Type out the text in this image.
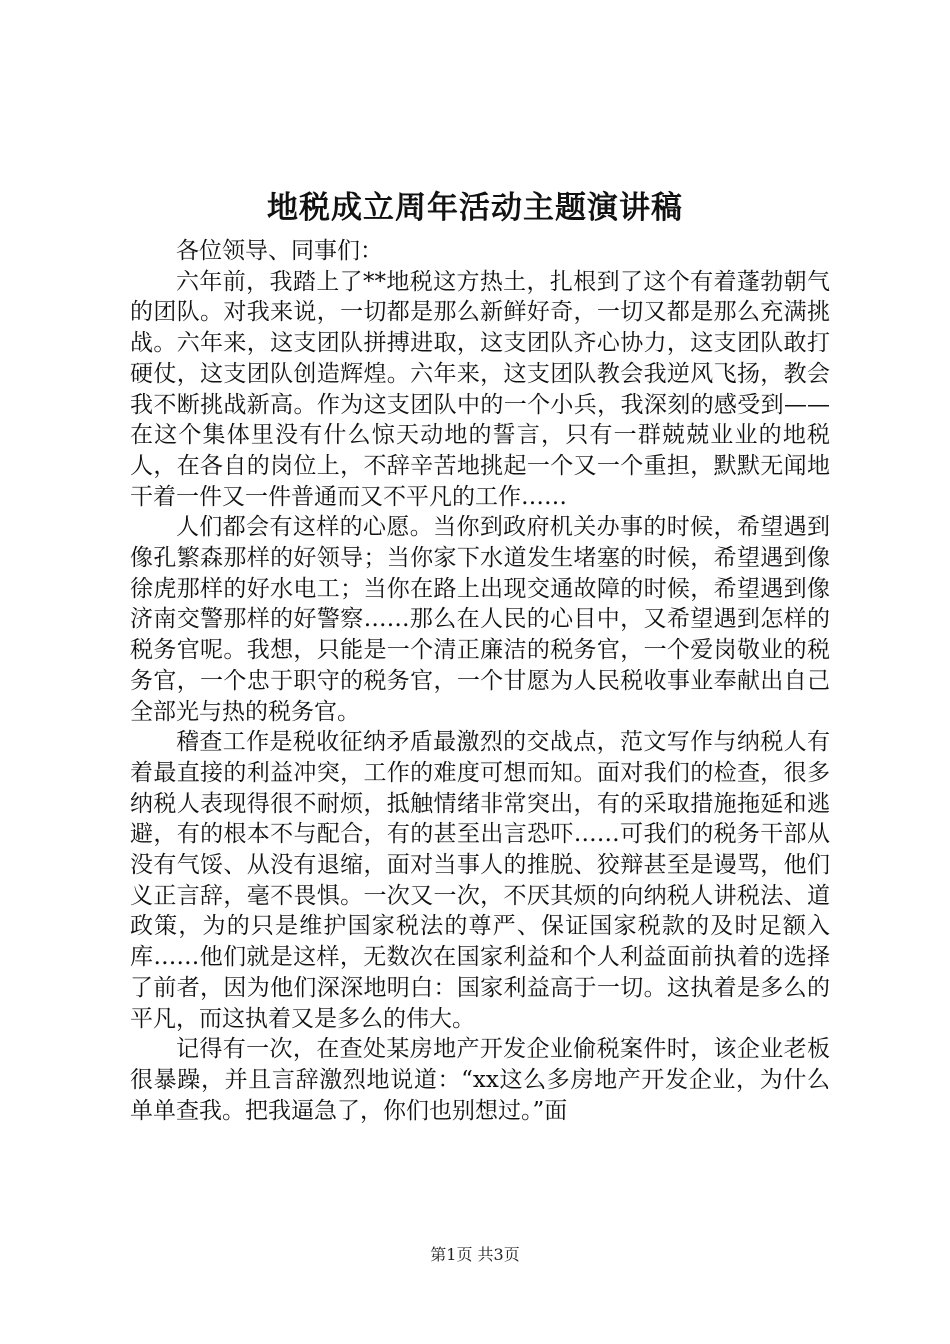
地税成立周年活动主题演讲稿

各位领导、同事们：

六年前，我踏上了**地税这方热土，扎根到了这个有着蓬勃朝气的团队。对我来说，一切都是那么新鲜好奇，一切又都是那么充满挑战。六年来，这支团队拼搏进取，这支团队齐心协力，这支团队敢打硬仗，这支团队创造辉煌。六年来，这支团队教会我逆风飞扬，教会我不断挑战新高。作为这支团队中的一个小兵，我深刻的感受到——在这个集体里没有什么惊天动地的誓言，只有一群兢兢业业的地税人，在各自的岗位上，不辞辛苦地挑起一个又一个重担，默默无闻地干着一件又一件普通而又不平凡的工作……

人们都会有这样的心愿。当你到政府机关办事的时候，希望遇到像孔繁森那样的好领导；当你家下水道发生堵塞的时候，希望遇到像徐虎那样的好水电工；当你在路上出现交通故障的时候，希望遇到像济南交警那样的好警察……那么在人民的心目中，又希望遇到怎样的税务官呢。我想，只能是一个清正廉洁的税务官，一个爱岗敬业的税务官，一个忠于职守的税务官，一个甘愿为人民税收事业奉献出自己全部光与热的税务官。

稽查工作是税收征纳矛盾最激烈的交战点，范文写作与纳税人有着最直接的利益冲突，工作的难度可想而知。面对我们的检查，很多纳税人表现得很不耐烦，抵触情绪非常突出，有的采取措施拖延和逃避，有的根本不与配合，有的甚至出言恐吓……可我们的税务干部从没有气馁、从没有退缩，面对当事人的推脱、狡辩甚至是谩骂，他们义正言辞，毫不畏惧。一次又一次，不厌其烦的向纳税人讲税法、道政策，为的只是维护国家税法的尊严、保证国家税款的及时足额入库……他们就是这样，无数次在国家利益和个人利益面前执着的选择了前者，因为他们深深地明白：国家利益高于一切。这执着是多么的平凡，而这执着又是多么的伟大。

记得有一次，在查处某房地产开发企业偷税案件时，该企业老板很暴躁，并且言辞激烈地说道：“xx这么多房地产开发企业，为什么单单查我。把我逼急了，你们也别想过。”面

第1页 共3页
